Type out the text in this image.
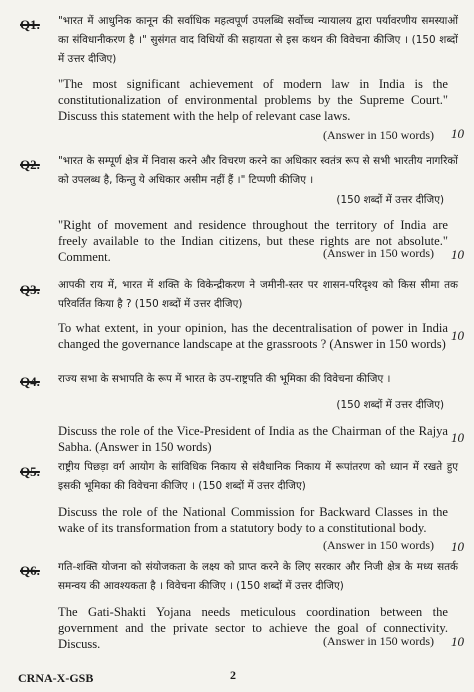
Q1. "भारत में आधुनिक कानून की सर्वाधिक महत्वपूर्ण उपलब्धि सर्वोच्च न्यायालय द्वारा पर्यावरणीय समस्याओं का संविधानीकरण है ।" सुसंगत वाद विधियों की सहायता से इस कथन की विवेचना कीजिए । (150 शब्दों में उत्तर दीजिए)
"The most significant achievement of modern law in India is the constitutionalization of environmental problems by the Supreme Court." Discuss this statement with the help of relevant case laws.
(Answer in 150 words) 10
Q2. "भारत के सम्पूर्ण क्षेत्र में निवास करने और विचरण करने का अधिकार स्वतंत्र रूप से सभी भारतीय नागरिकों को उपलब्ध है, किन्तु ये अधिकार असीम नहीं हैं ।" टिप्पणी कीजिए ।
(150 शब्दों में उत्तर दीजिए)
"Right of movement and residence throughout the territory of India are freely available to the Indian citizens, but these rights are not absolute." Comment.	(Answer in 150 words) 10
Q3. आपकी राय में, भारत में शक्ति के विकेन्द्रीकरण ने जमीनी-स्तर पर शासन-परिदृश्य को किस सीमा तक परिवर्तित किया है ? (150 शब्दों में उत्तर दीजिए)
To what extent, in your opinion, has the decentralisation of power in India changed the governance landscape at the grassroots ? (Answer in 150 words)
10
Q4. राज्य सभा के सभापति के रूप में भारत के उप-राष्ट्रपति की भूमिका की विवेचना कीजिए ।
(150 शब्दों में उत्तर दीजिए)
Discuss the role of the Vice-President of India as the Chairman of the Rajya Sabha. (Answer in 150 words)
10
Q5. राष्ट्रीय पिछड़ा वर्ग आयोग के सांविधिक निकाय से संवैधानिक निकाय में रूपांतरण को ध्यान में रखते हुए इसकी भूमिका की विवेचना कीजिए । (150 शब्दों में उत्तर दीजिए)
Discuss the role of the National Commission for Backward Classes in the wake of its transformation from a statutory body to a constitutional body.
(Answer in 150 words) 10
Q6. गति-शक्ति योजना को संयोजकता के लक्ष्य को प्राप्त करने के लिए सरकार और निजी क्षेत्र के मध्य सतर्क समन्वय की आवश्यकता है । विवेचना कीजिए । (150 शब्दों में उत्तर दीजिए)
The Gati-Shakti Yojana needs meticulous coordination between the government and the private sector to achieve the goal of connectivity. Discuss.	(Answer in 150 words) 10
CRNA-X-GSB	2
